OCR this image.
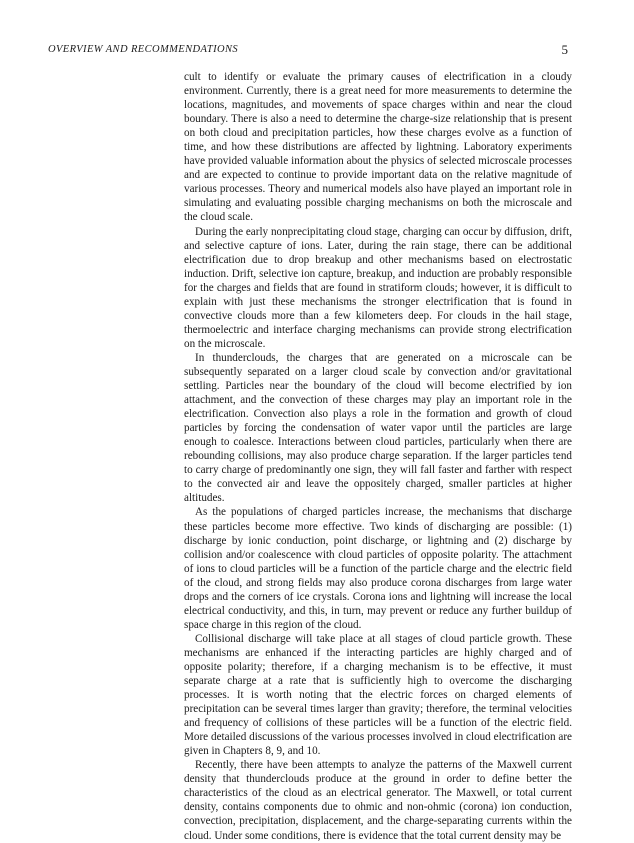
OVERVIEW AND RECOMMENDATIONS	5

cult to identify or evaluate the primary causes of electrification in a cloudy environment. Currently, there is a great need for more measurements to determine the locations, magnitudes, and movements of space charges within and near the cloud boundary. There is also a need to determine the charge-size relationship that is present on both cloud and precipitation particles, how these charges evolve as a function of time, and how these distributions are affected by lightning. Laboratory experiments have provided valuable information about the physics of selected microscale processes and are expected to continue to provide important data on the relative magnitude of various processes. Theory and numerical models also have played an important role in simulating and evaluating possible charging mechanisms on both the microscale and the cloud scale.

During the early nonprecipitating cloud stage, charging can occur by diffusion, drift, and selective capture of ions. Later, during the rain stage, there can be additional electrification due to drop breakup and other mechanisms based on electrostatic induction. Drift, selective ion capture, breakup, and induction are probably responsible for the charges and fields that are found in stratiform clouds; however, it is difficult to explain with just these mechanisms the stronger electrification that is found in convective clouds more than a few kilometers deep. For clouds in the hail stage, thermoelectric and interface charging mechanisms can provide strong electrification on the microscale.

In thunderclouds, the charges that are generated on a microscale can be subsequently separated on a larger cloud scale by convection and/or gravitational settling. Particles near the boundary of the cloud will become electrified by ion attachment, and the convection of these charges may play an important role in the electrification. Convection also plays a role in the formation and growth of cloud particles by forcing the condensation of water vapor until the particles are large enough to coalesce. Interactions between cloud particles, particularly when there are rebounding collisions, may also produce charge separation. If the larger particles tend to carry charge of predominantly one sign, they will fall faster and farther with respect to the convected air and leave the oppositely charged, smaller particles at higher altitudes.

As the populations of charged particles increase, the mechanisms that discharge these particles become more effective. Two kinds of discharging are possible: (1) discharge by ionic conduction, point discharge, or lightning and (2) discharge by collision and/or coalescence with cloud particles of opposite polarity. The attachment of ions to cloud particles will be a function of the particle charge and the electric field of the cloud, and strong fields may also produce corona discharges from large water drops and the corners of ice crystals. Corona ions and lightning will increase the local electrical conductivity, and this, in turn, may prevent or reduce any further buildup of space charge in this region of the cloud.

Collisional discharge will take place at all stages of cloud particle growth. These mechanisms are enhanced if the interacting particles are highly charged and of opposite polarity; therefore, if a charging mechanism is to be effective, it must separate charge at a rate that is sufficiently high to overcome the discharging processes. It is worth noting that the electric forces on charged elements of precipitation can be several times larger than gravity; therefore, the terminal velocities and frequency of collisions of these particles will be a function of the electric field. More detailed discussions of the various processes involved in cloud electrification are given in Chapters 8, 9, and 10.

Recently, there have been attempts to analyze the patterns of the Maxwell current density that thunderclouds produce at the ground in order to define better the characteristics of the cloud as an electrical generator. The Maxwell, or total current density, contains components due to ohmic and non-ohmic (corona) ion conduction, convection, precipitation, displacement, and the charge-separating currents within the cloud. Under some conditions, there is evidence that the total current density may be
